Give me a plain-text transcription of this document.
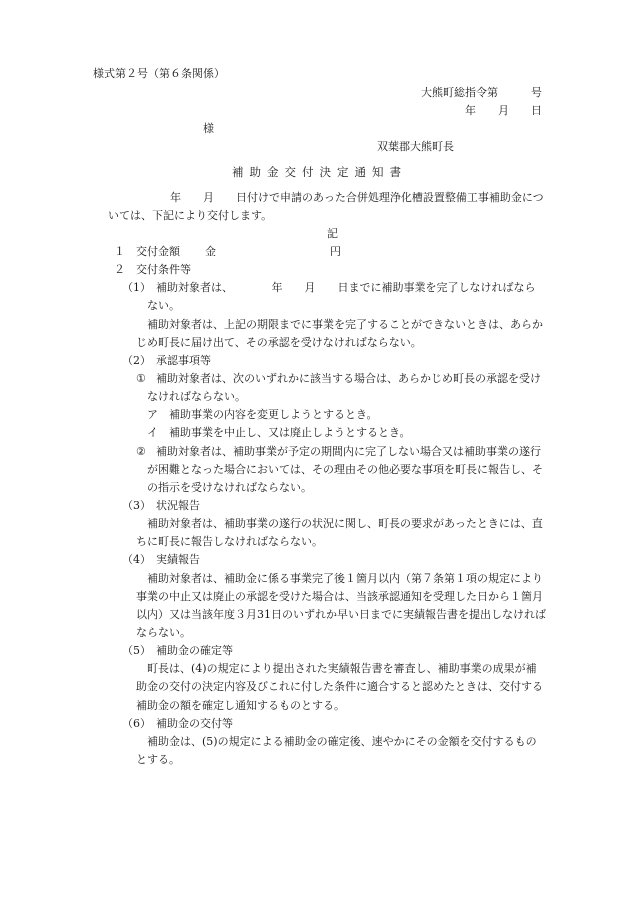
様式第２号（第６条関係）
大熊町総指令第　　　号
年　　月　　日
様
双葉郡大熊町長
補助金交付決定通知書
年　　月　　日付けで申請のあった合併処理浄化槽設置整備工事補助金につ
いては、下記により交付します。
記
１ 交付金額 金	円
２ 交付条件等
（1） 補助対象者は、　　　　年　　月　　日までに補助事業を完了しなければなら
ない。
補助対象者は、上記の期限までに事業を完了することができないときは、あらか
じめ町長に届け出て、その承認を受けなければならない。
（2） 承認事項等
① 補助対象者は、次のいずれかに該当する場合は、あらかじめ町長の承認を受け
なければならない。
ア　補助事業の内容を変更しようとするとき。
イ　補助事業を中止し、又は廃止しようとするとき。
② 補助対象者は、補助事業が予定の期間内に完了しない場合又は補助事業の遂行
が困難となった場合においては、その理由その他必要な事項を町長に報告し、そ
の指示を受けなければならない。
（3） 状況報告
補助対象者は、補助事業の遂行の状況に関し、町長の要求があったときには、直
ちに町長に報告しなければならない。
（4） 実績報告
補助対象者は、補助金に係る事業完了後１箇月以内（第７条第１項の規定により
事業の中止又は廃止の承認を受けた場合は、当該承認通知を受理した日から１箇月
以内）又は当該年度３月31日のいずれか早い日までに実績報告書を提出しなければ
ならない。
（5） 補助金の確定等
町長は、(4)の規定により提出された実績報告書を審査し、補助事業の成果が補
助金の交付の決定内容及びこれに付した条件に適合すると認めたときは、交付する
補助金の額を確定し通知するものとする。
（6） 補助金の交付等
補助金は、(5)の規定による補助金の確定後、速やかにその金額を交付するもの
とする。
